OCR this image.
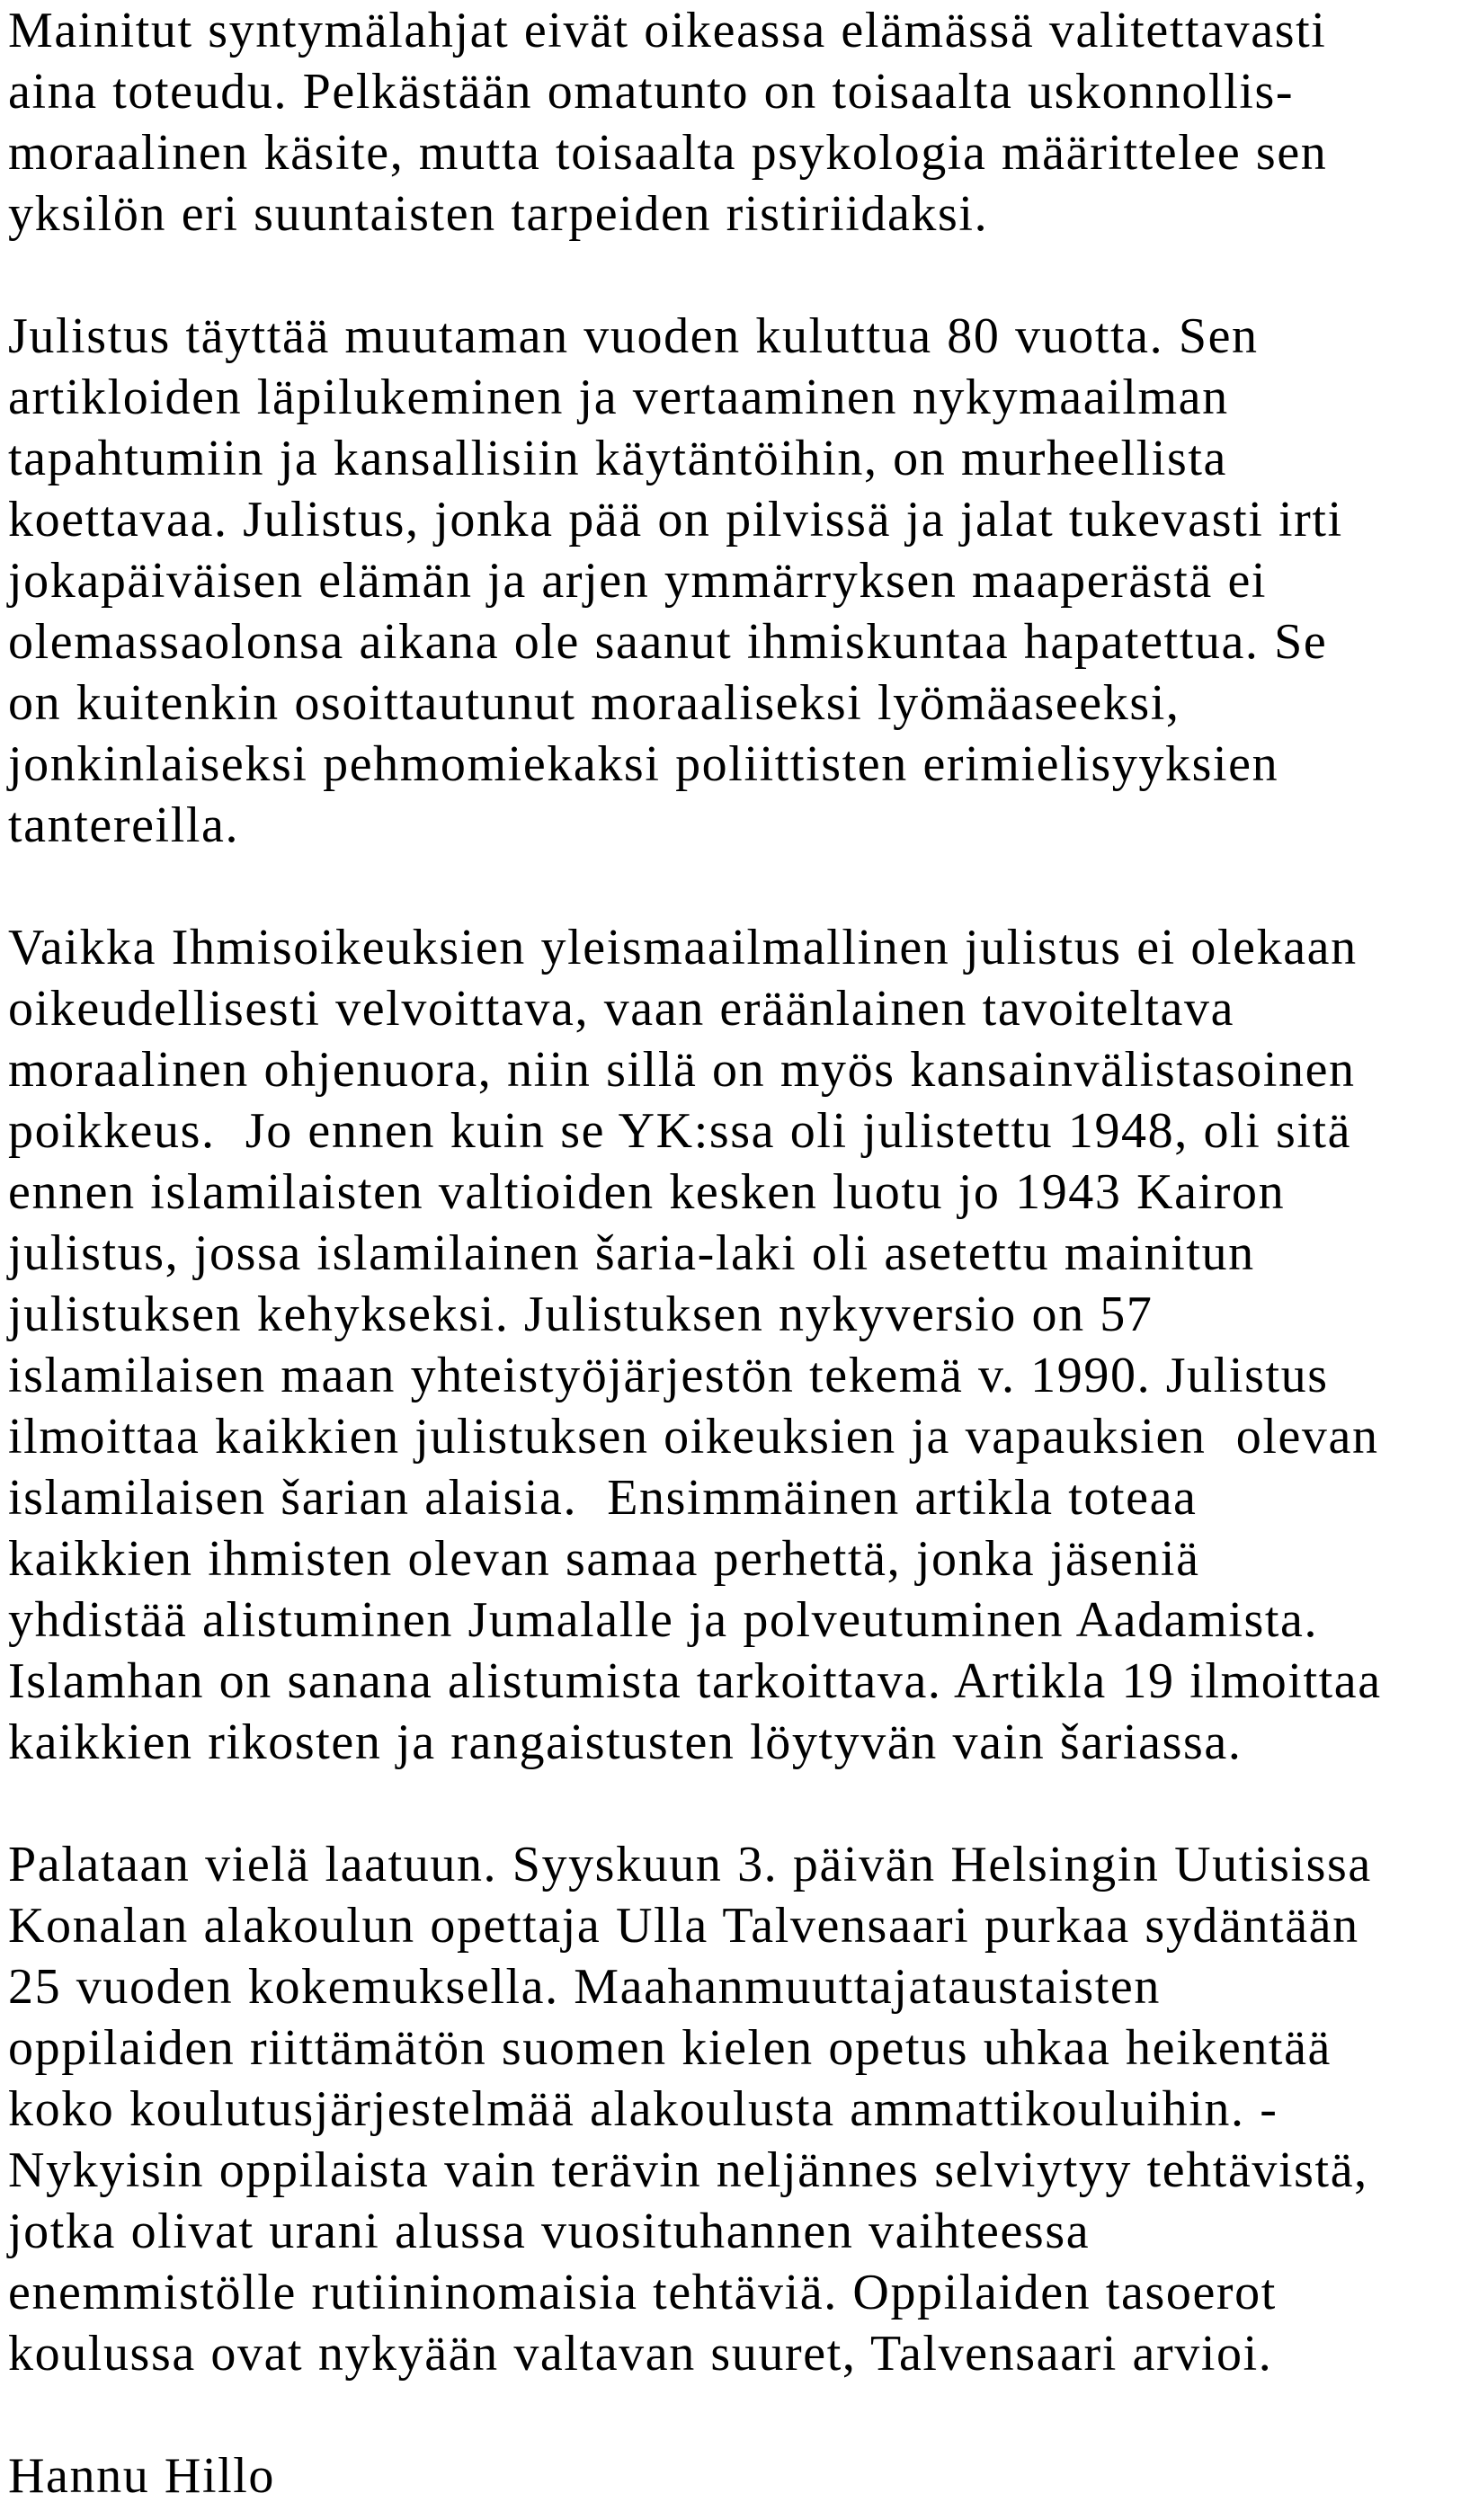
Mainitut syntymälahjat eivät oikeassa elämässä valitettavasti
aina toteudu. Pelkästään omatunto on toisaalta uskonnollis-
moraalinen käsite, mutta toisaalta psykologia määrittelee sen
yksilön eri suuntaisten tarpeiden ristiriidaksi.
Julistus täyttää muutaman vuoden kuluttua 80 vuotta. Sen
artikloiden läpilukeminen ja vertaaminen nykymaailman
tapahtumiin ja kansallisiin käytäntöihin, on murheellista
koettavaa. Julistus, jonka pää on pilvissä ja jalat tukevasti irti
jokapäiväisen elämän ja arjen ymmärryksen maaperästä ei
olemassaolonsa aikana ole saanut ihmiskuntaa hapatettua. Se
on kuitenkin osoittautunut moraaliseksi lyömäaseeksi,
jonkinlaiseksi pehmomiekaksi poliittisten erimielisyyksien
tantereilla.
Vaikka Ihmisoikeuksien yleismaailmallinen julistus ei olekaan
oikeudellisesti velvoittava, vaan eräänlainen tavoiteltava
moraalinen ohjenuora, niin sillä on myös kansainvälistasoinen
poikkeus.  Jo ennen kuin se YK:ssa oli julistettu 1948, oli sitä
ennen islamilaisten valtioiden kesken luotu jo 1943 Kairon
julistus, jossa islamilainen šaria-laki oli asetettu mainitun
julistuksen kehykseksi. Julistuksen nykyversio on 57
islamilaisen maan yhteistyöjärjestön tekemä v. 1990. Julistus
ilmoittaa kaikkien julistuksen oikeuksien ja vapauksien  olevan
islamilaisen šarian alaisia.  Ensimmäinen artikla toteaa
kaikkien ihmisten olevan samaa perhettä, jonka jäseniä
yhdistää alistuminen Jumalalle ja polveutuminen Aadamista.
Islamhan on sanana alistumista tarkoittava. Artikla 19 ilmoittaa
kaikkien rikosten ja rangaistusten löytyvän vain šariassa.
Palataan vielä laatuun. Syyskuun 3. päivän Helsingin Uutisissa
Konalan alakoulun opettaja Ulla Talvensaari purkaa sydäntään
25 vuoden kokemuksella. Maahanmuuttajataustaisten
oppilaiden riittämätön suomen kielen opetus uhkaa heikentää
koko koulutusjärjestelmää alakoulusta ammattikouluihin. -
Nykyisin oppilaista vain terävin neljännes selviytyy tehtävistä,
jotka olivat urani alussa vuosituhannen vaihteessa
enemmistölle rutiininomaisia tehtäviä. Oppilaiden tasoerot
koulussa ovat nykyään valtavan suuret, Talvensaari arvioi.
Hannu Hillo
